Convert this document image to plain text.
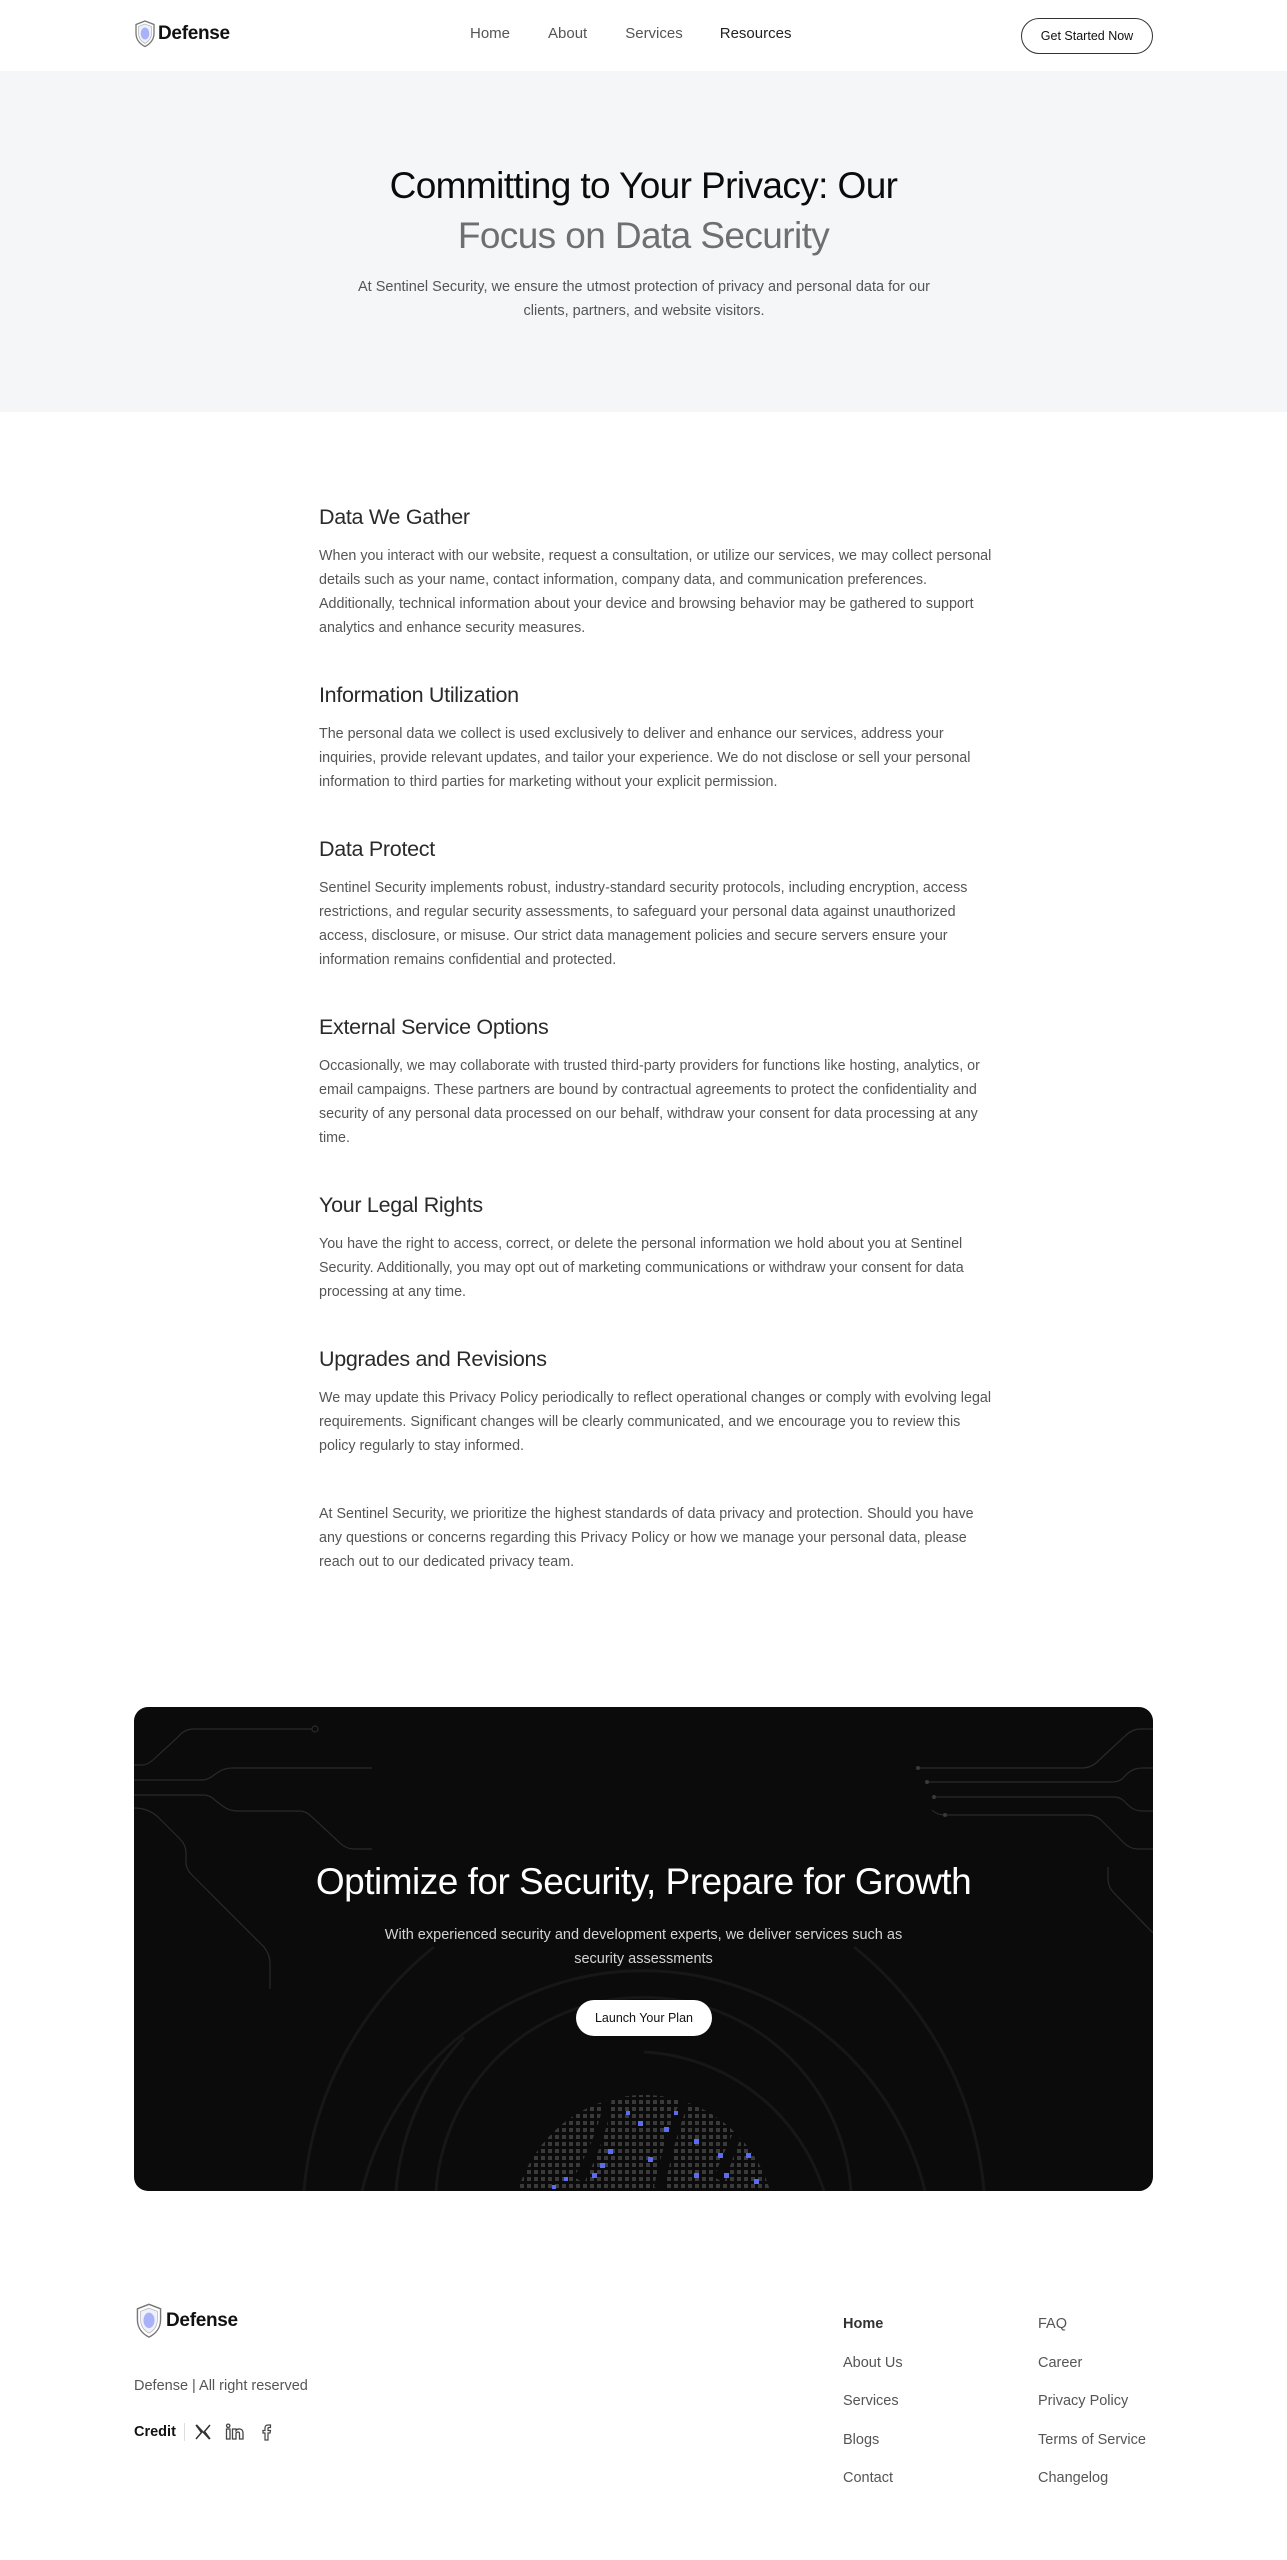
Defense	Home	About	Services Resources	Get Started Now
Committing to Your Privacy: Our
Focus on Data Security

At Sentinel Security, we ensure the utmost protection of privacy and personal data for our clients, partners, and website visitors.

Data We Gather

When you interact with our website, request a consultation, or utilize our services, we may collect personal details such as your name, contact information, company data, and communication preferences. Additionally, technical information about your device and browsing behavior may be gathered to support analytics and enhance security measures.

Information Utilization

The personal data we collect is used exclusively to deliver and enhance our services, address your inquiries, provide relevant updates, and tailor your experience. We do not disclose or sell your personal information to third parties for marketing without your explicit permission.

Data Protect

Sentinel Security implements robust, industry-standard security protocols, including encryption, access restrictions, and regular security assessments, to safeguard your personal data against unauthorized access, disclosure, or misuse. Our strict data management policies and secure servers ensure your information remains confidential and protected.

External Service Options

Occasionally, we may collaborate with trusted third-party providers for functions like hosting, analytics, or email campaigns. These partners are bound by contractual agreements to protect the confidentiality and security of any personal data processed on our behalf, withdraw your consent for data processing at any time.

Your Legal Rights

You have the right to access, correct, or delete the personal information we hold about you at Sentinel Security. Additionally, you may opt out of marketing communications or withdraw your consent for data processing at any time.

Upgrades and Revisions

We may update this Privacy Policy periodically to reflect operational changes or comply with evolving legal requirements. Significant changes will be clearly communicated, and we encourage you to review this policy regularly to stay informed.

At Sentinel Security, we prioritize the highest standards of data privacy and protection. Should you have any questions or concerns regarding this Privacy Policy or how we manage your personal data, please reach out to our dedicated privacy team.

Optimize for Security, Prepare for Growth

With experienced security and development experts, we deliver services such as security assessments

Launch Your Plan
Defense
Defense | All right reserved
Credit
Home
About Us
Services
Blogs
Contact
FAQ
Career
Privacy Policy
Terms of Service
Changelog
